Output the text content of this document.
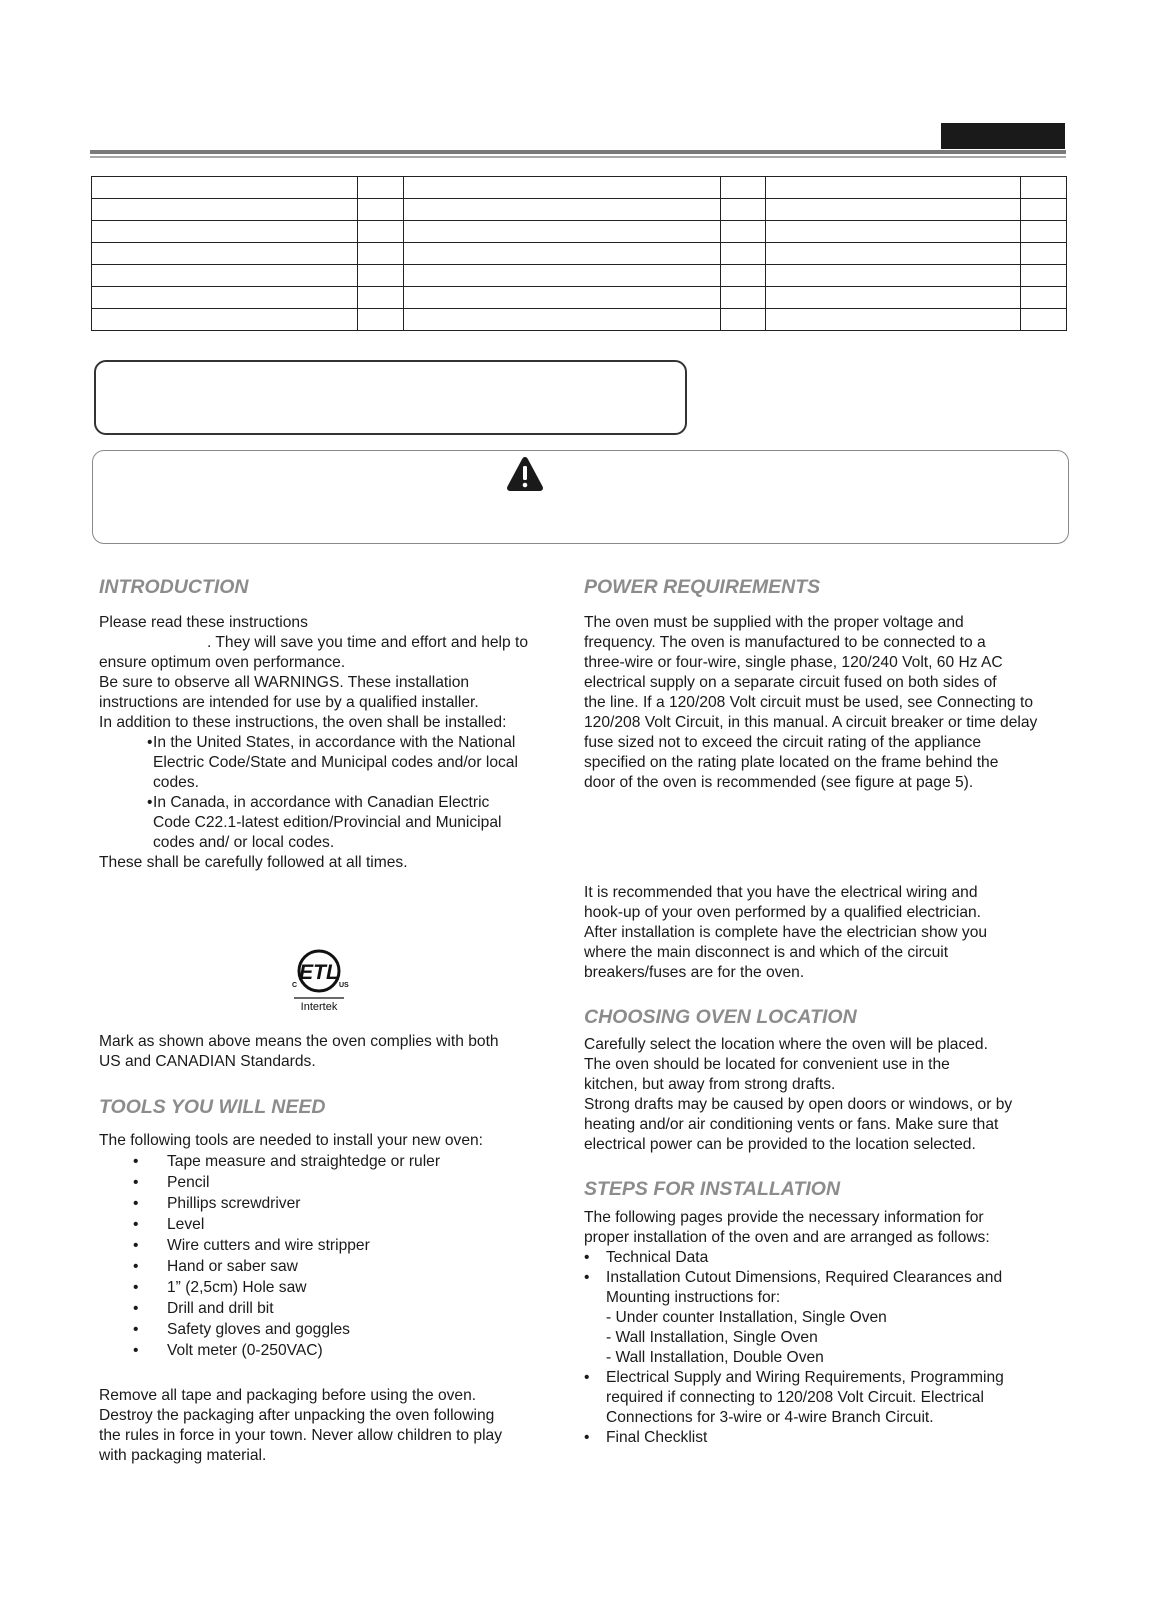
INTRODUCTION
Please read these instructions
. They will save you time and effort and help to
ensure optimum oven performance.
Be sure to observe all WARNINGS. These installation
instructions are intended for use by a qualified installer.
In addition to these instructions, the oven shall be installed:
• In the United States, in accordance with the National
Electric Code/State and Municipal codes and/or local
codes.
• In Canada, in accordance with Canadian Electric
Code C22.1-latest edition/Provincial and Municipal
codes and/ or local codes.
These shall be carefully followed at all times.
ETL
C	US
Intertek
Mark as shown above means the oven complies with both
US and CANADIAN Standards.
TOOLS YOU WILL NEED
The following tools are needed to install your new oven:
• Tape measure and straightedge or ruler
• Pencil
• Phillips screwdriver
• Level
• Wire cutters and wire stripper
• Hand or saber saw
• 1” (2,5cm) Hole saw
• Drill and drill bit
• Safety gloves and goggles
• Volt meter (0-250VAC)
Remove all tape and packaging before using the oven.
Destroy the packaging after unpacking the oven following
the rules in force in your town. Never allow children to play
with packaging material.
POWER REQUIREMENTS
The oven must be supplied with the proper voltage and
frequency. The oven is manufactured to be connected to a
three-wire or four-wire, single phase, 120/240 Volt, 60 Hz AC
electrical supply on a separate circuit fused on both sides of
the line. If a 120/208 Volt circuit must be used, see Connecting to
120/208 Volt Circuit, in this manual. A circuit breaker or time delay
fuse sized not to exceed the circuit rating of the appliance
specified on the rating plate located on the frame behind the
door of the oven is recommended (see figure at page 5).
It is recommended that you have the electrical wiring and
hook-up of your oven performed by a qualified electrician.
After installation is complete have the electrician show you
where the main disconnect is and which of the circuit
breakers/fuses are for the oven.
CHOOSING OVEN LOCATION
Carefully select the location where the oven will be placed.
The oven should be located for convenient use in the
kitchen, but away from strong drafts.
Strong drafts may be caused by open doors or windows, or by
heating and/or air conditioning vents or fans. Make sure that
electrical power can be provided to the location selected.
STEPS FOR INSTALLATION
The following pages provide the necessary information for
proper installation of the oven and are arranged as follows:
• Technical Data
• Installation Cutout Dimensions, Required Clearances and
Mounting instructions for:
- Under counter Installation, Single Oven
- Wall Installation, Single Oven
- Wall Installation, Double Oven
• Electrical Supply and Wiring Requirements, Programming
required if connecting to 120/208 Volt Circuit. Electrical
Connections for 3-wire or 4-wire Branch Circuit.
• Final Checklist
